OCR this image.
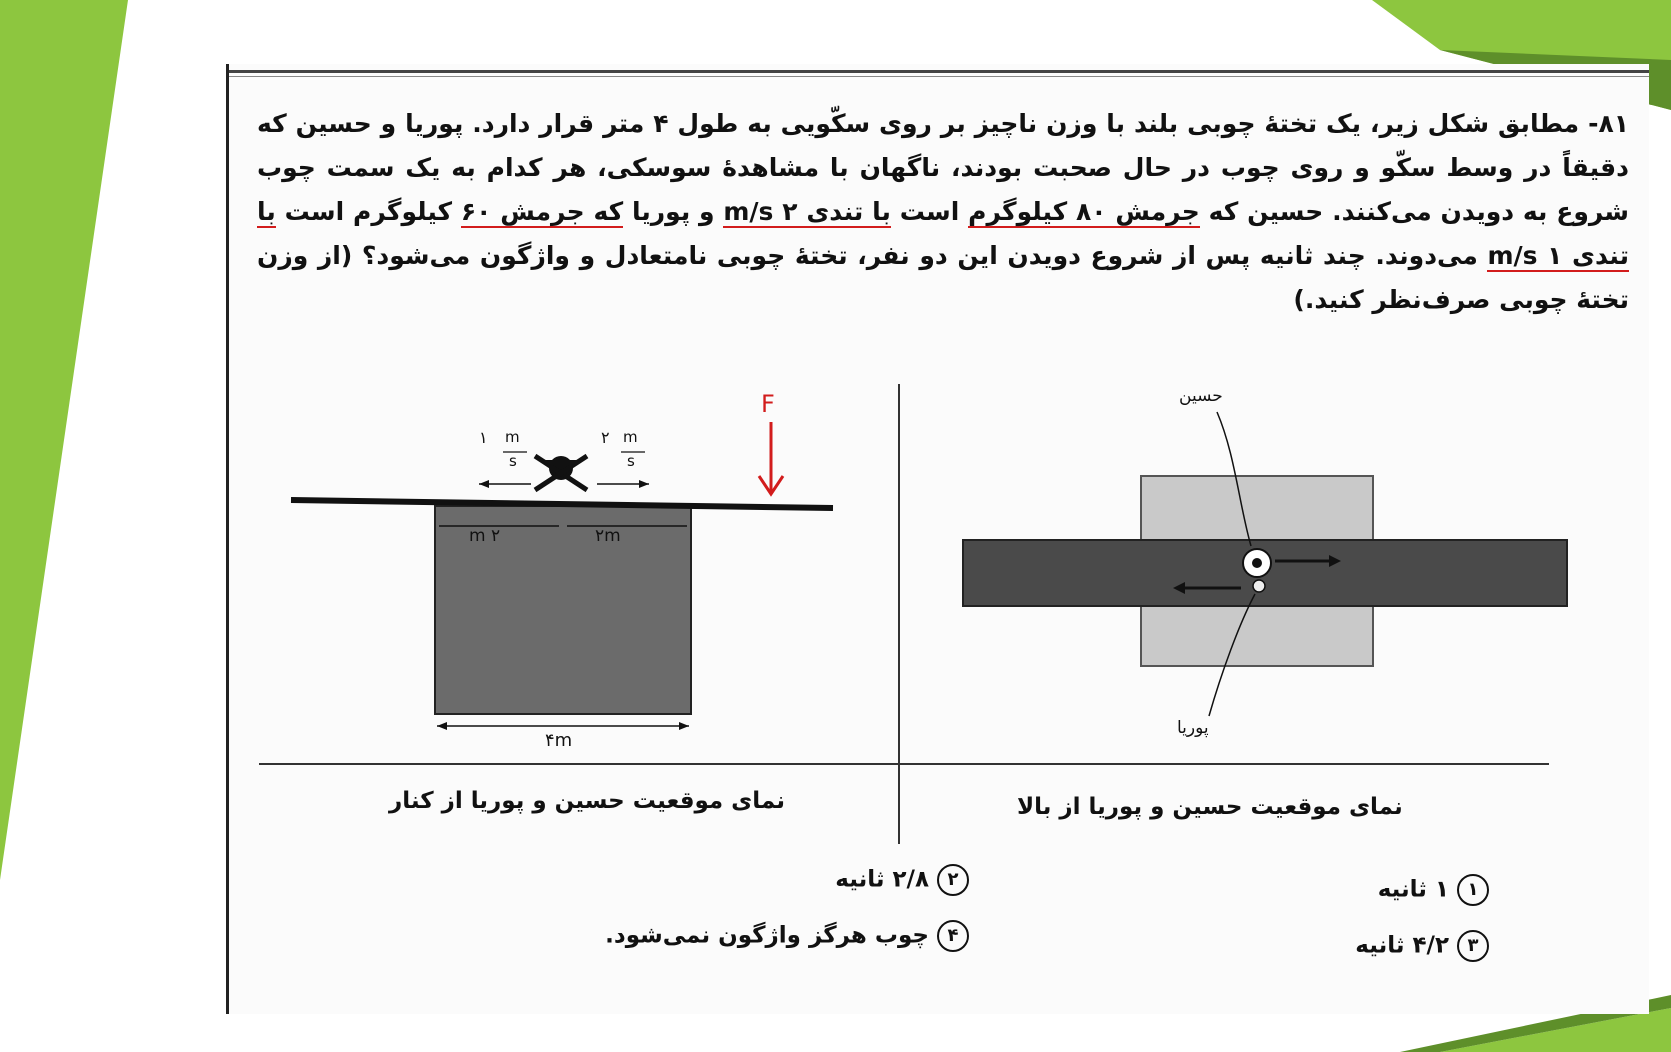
۸۱- مطابق شکل زیر، یک تختهٔ چوبی بلند با وزن ناچیز بر روی سکّویی به طول ۴ متر قرار دارد. پوریا و حسین که دقیقاً در وسط سکّو و روی چوب در حال صحبت بودند، ناگهان با مشاهدهٔ سوسکی، هر کدام به یک سمت چوب شروع به دویدن می‌کنند. حسین که جرمش ۸۰ کیلوگرم است با تندی ۲ m/s و پوریا که جرمش ۶۰ کیلوگرم است با تندی ۱ m/s می‌دوند. چند ثانیه پس از شروع دویدن این دو نفر، تختهٔ چوبی نامتعادل و واژگون می‌شود؟ (از وزن تختهٔ چوبی صرف‌نظر کنید.)
۱ m
s
۲ m
s
۲ m	۲m
۴m
F
نمای موقعیت حسین و پوریا از کنار
حسین
پوریا
نمای موقعیت حسین و پوریا از بالا
۱۱ ثانیه
۲۲/۸ ثانیه
۳۴/۲ ثانیه
۴چوب هرگز واژگون نمی‌شود.
